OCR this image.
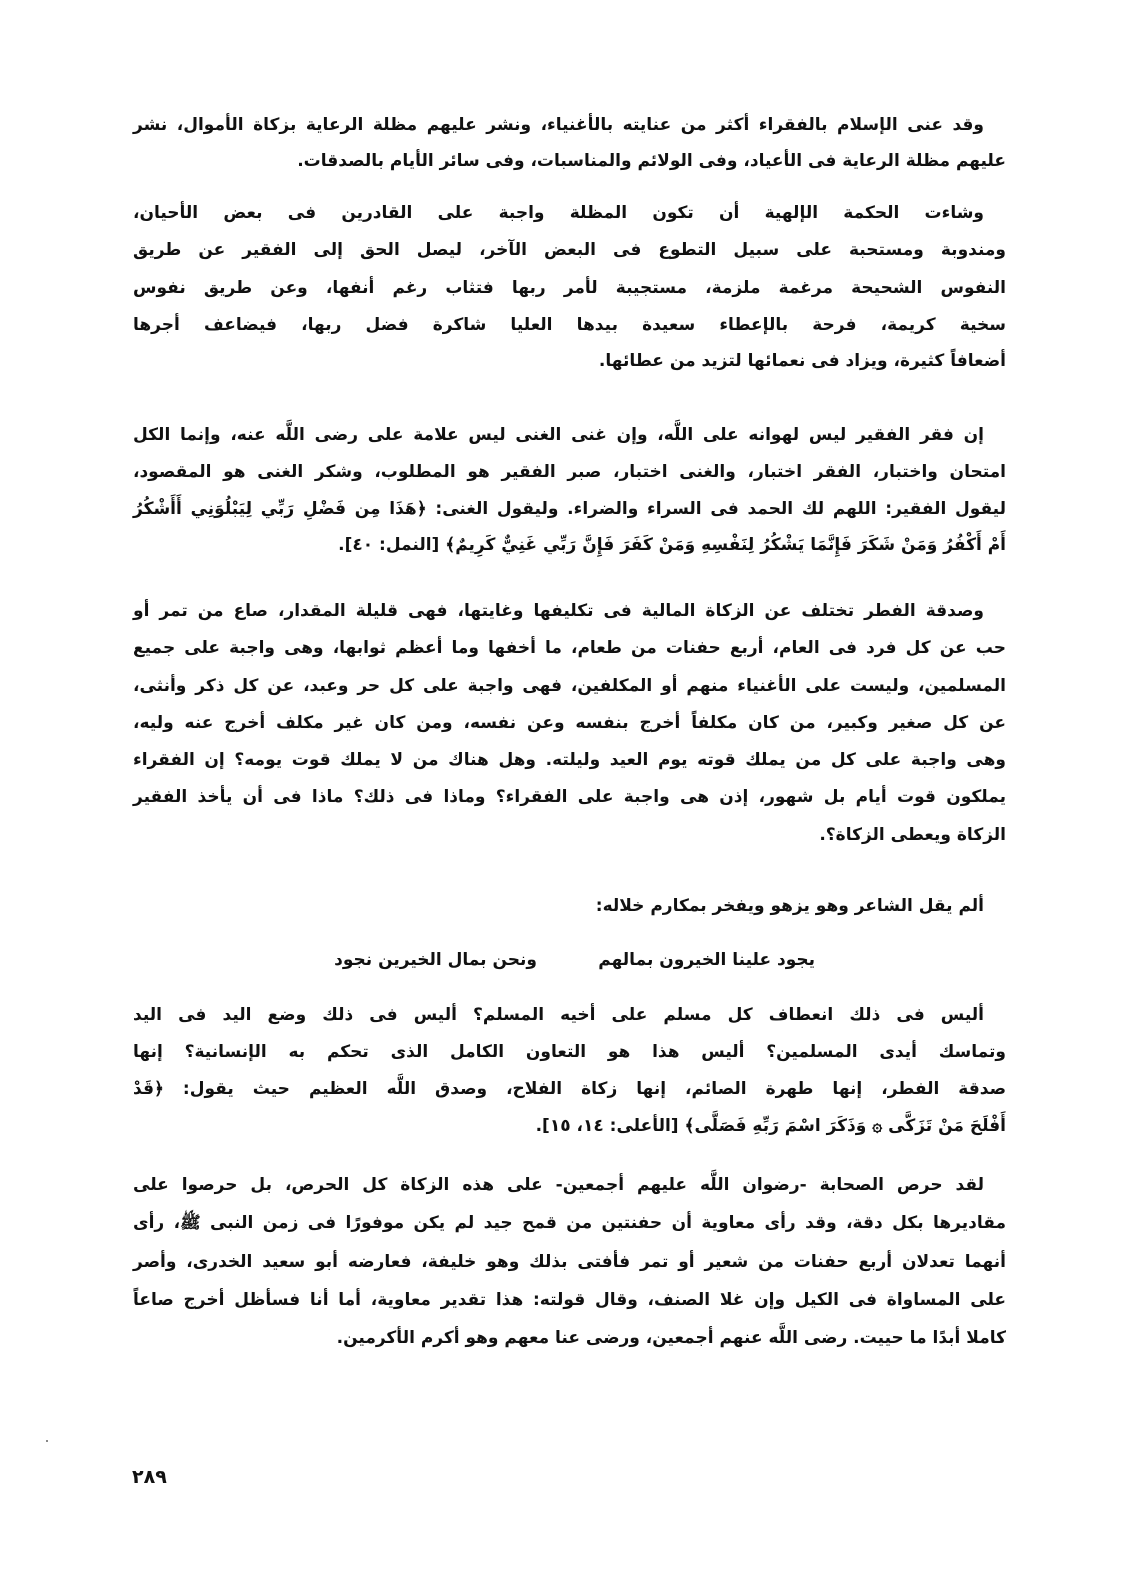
وقد عنى الإسلام بالفقراء أكثر من عنايته بالأغنياء، ونشر عليهم مظلة الرعاية بزكاة الأموال، نشر
عليهم مظلة الرعاية فى الأعياد، وفى الولائم والمناسبات، وفى سائر الأيام بالصدقات.
وشاءت الحكمة الإلهية أن تكون المظلة واجبة على القادرين فى بعض الأحيان،
ومندوبة ومستحبة على سبيل التطوع فى البعض الآخر، ليصل الحق إلى الفقير عن طريق
النفوس الشحيحة مرغمة ملزمة، مستجيبة لأمر ربها فتثاب رغم أنفها، وعن طريق نفوس
سخية كريمة، فرحة بالإعطاء سعيدة بيدها العليا شاكرة فضل ربها، فيضاعف أجرها
أضعافاً كثيرة، ويزاد فى نعمائها لتزيد من عطائها.
إن فقر الفقير ليس لهوانه على اللَّه، وإن غنى الغنى ليس علامة على رضى اللَّه عنه، وإنما الكل
امتحان واختبار، الفقر اختبار، والغنى اختبار، صبر الفقير هو المطلوب، وشكر الغنى هو المقصود،
ليقول الفقير: اللهم لك الحمد فى السراء والضراء. وليقول الغنى: ﴿هَذَا مِن فَضْلِ رَبِّي لِيَبْلُوَنِي أَأَشْكُرُ
أَمْ أَكْفُرُ وَمَنْ شَكَرَ فَإِنَّمَا يَشْكُرُ لِنَفْسِهِ وَمَنْ كَفَرَ فَإِنَّ رَبِّي غَنِيٌّ كَرِيمٌ﴾ [النمل: ٤٠].
وصدقة الفطر تختلف عن الزكاة المالية فى تكليفها وغايتها، فهى قليلة المقدار، صاع من تمر أو
حب عن كل فرد فى العام، أربع حفنات من طعام، ما أخفها وما أعظم ثوابها، وهى واجبة على جميع
المسلمين، وليست على الأغنياء منهم أو المكلفين، فهى واجبة على كل حر وعبد، عن كل ذكر وأنثى،
عن كل صغير وكبير، من كان مكلفاً أخرج بنفسه وعن نفسه، ومن كان غير مكلف أخرج عنه وليه،
وهى واجبة على كل من يملك قوته يوم العيد وليلته. وهل هناك من لا يملك قوت يومه؟ إن الفقراء
يملكون قوت أيام بل شهور، إذن هى واجبة على الفقراء؟ وماذا فى ذلك؟ ماذا فى أن يأخذ الفقير
الزكاة ويعطى الزكاة؟.
ألم يقل الشاعر وهو يزهو ويفخر بمكارم خلاله:
أليس فى ذلك انعطاف كل مسلم على أخيه المسلم؟ أليس فى ذلك وضع اليد فى اليد
وتماسك أيدى المسلمين؟ أليس هذا هو التعاون الكامل الذى تحكم به الإنسانية؟ إنها
صدقة الفطر، إنها طهرة الصائم، إنها زكاة الفلاح، وصدق اللَّه العظيم حيث يقول: ﴿قَدْ
أَفْلَحَ مَنْ تَزَكَّى ۞ وَذَكَرَ اسْمَ رَبِّهِ فَصَلَّى﴾ [الأعلى: ١٤، ١٥].
لقد حرص الصحابة -رضوان اللَّه عليهم أجمعين- على هذه الزكاة كل الحرص، بل حرصوا على
مقاديرها بكل دقة، وقد رأى معاوية أن حفنتين من قمح جيد لم يكن موفورًا فى زمن النبى ﷺ، رأى
أنهما تعدلان أربع حفنات من شعير أو تمر فأفتى بذلك وهو خليفة، فعارضه أبو سعيد الخدرى، وأصر
على المساواة فى الكيل وإن غلا الصنف، وقال قولته: هذا تقدير معاوية، أما أنا فسأظل أخرج صاعاً
كاملا أبدًا ما حييت. رضى اللَّه عنهم أجمعين، ورضى عنا معهم وهو أكرم الأكرمين.
يجود علينا الخيرون بمالهم
ونحن بمال الخيرين نجود
٢٨٩
